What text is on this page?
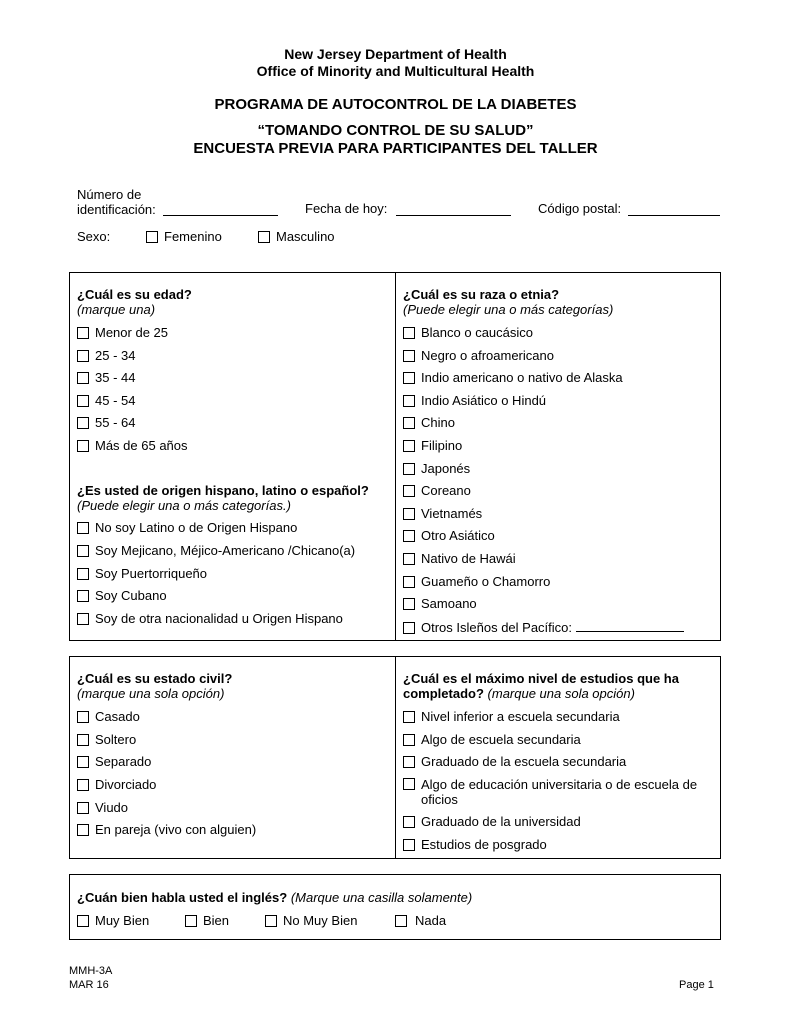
New Jersey Department of Health
Office of Minority and Multicultural Health
PROGRAMA DE AUTOCONTROL DE LA DIABETES
“TOMANDO CONTROL DE SU SALUD”
ENCUESTA PREVIA PARA PARTICIPANTES DEL TALLER
Número de
identificación:	Fecha de hoy:	Código postal:
Sexo:	Femenino	Masculino
¿Cuál es su edad?
(marque una)
Menor de 25
25 - 34
35 - 44
45 - 54
55 - 64
Más de 65 años
¿Es usted de origen hispano, latino o español?
(Puede elegir una o más categorías.)
No soy Latino o de Origen Hispano
Soy Mejicano, Méjico-Americano /Chicano(a)
Soy Puertorriqueño
Soy Cubano
Soy de otra nacionalidad u Origen Hispano
¿Cuál es su raza o etnia?
(Puede elegir una o más categorías)
Blanco o caucásico
Negro o afroamericano
Indio americano o nativo de Alaska
Indio Asiático o Hindú
Chino
Filipino
Japonés
Coreano
Vietnamés
Otro Asiático
Nativo de Hawái
Guameño o Chamorro
Samoano
Otros Isleños del Pacífico:
¿Cuál es su estado civil?
(marque una sola opción)
Casado
Soltero
Separado
Divorciado
Viudo
En pareja (vivo con alguien)
¿Cuál es el máximo nivel de estudios que ha
completado? (marque una sola opción)
Nivel inferior a escuela secundaria
Algo de escuela secundaria
Graduado de la escuela secundaria
Algo de educación universitaria o de escuela de oficios
Graduado de la universidad
Estudios de posgrado
¿Cuán bien habla usted el inglés? (Marque una casilla solamente)
Muy Bien	Bien	No Muy Bien	Nada
MMH-3A
MAR 16	Page 1
